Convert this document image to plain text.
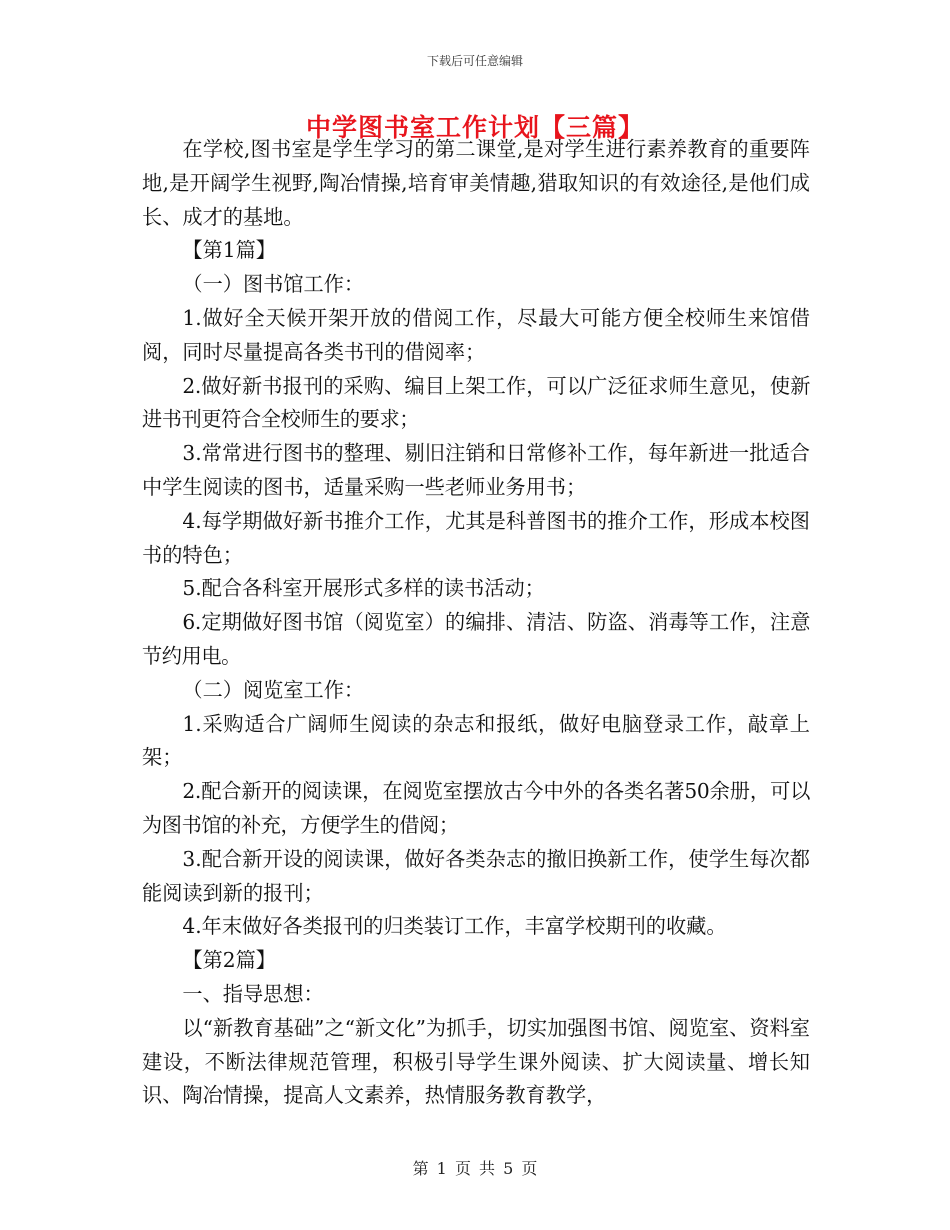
下载后可任意编辑
中学图书室工作计划【三篇】

在学校,图书室是学生学习的第二课堂,是对学生进行素养教育的重要阵地,是开阔学生视野,陶冶情操,培育审美情趣,猎取知识的有效途径,是他们成长、成才的基地。

【第1篇】

（一）图书馆工作：

1.做好全天候开架开放的借阅工作，尽最大可能方便全校师生来馆借阅，同时尽量提高各类书刊的借阅率；

2.做好新书报刊的采购、编目上架工作，可以广泛征求师生意见，使新进书刊更符合全校师生的要求；

3.常常进行图书的整理、剔旧注销和日常修补工作，每年新进一批适合中学生阅读的图书，适量采购一些老师业务用书；

4.每学期做好新书推介工作，尤其是科普图书的推介工作，形成本校图书的特色；

5.配合各科室开展形式多样的读书活动；

6.定期做好图书馆（阅览室）的编排、清洁、防盗、消毒等工作，注意节约用电。

（二）阅览室工作：

1.采购适合广阔师生阅读的杂志和报纸，做好电脑登录工作，敲章上架；

2.配合新开的阅读课，在阅览室摆放古今中外的各类名著50余册，可以为图书馆的补充，方便学生的借阅；

3.配合新开设的阅读课，做好各类杂志的撤旧换新工作，使学生每次都能阅读到新的报刊；

4.年末做好各类报刊的归类装订工作，丰富学校期刊的收藏。

【第2篇】

一、指导思想：

以“新教育基础”之“新文化”为抓手，切实加强图书馆、阅览室、资料室建设，不断法律规范管理，积极引导学生课外阅读、扩大阅读量、增长知识、陶冶情操，提高人文素养，热情服务教育教学，

第 1 页 共 5 页
